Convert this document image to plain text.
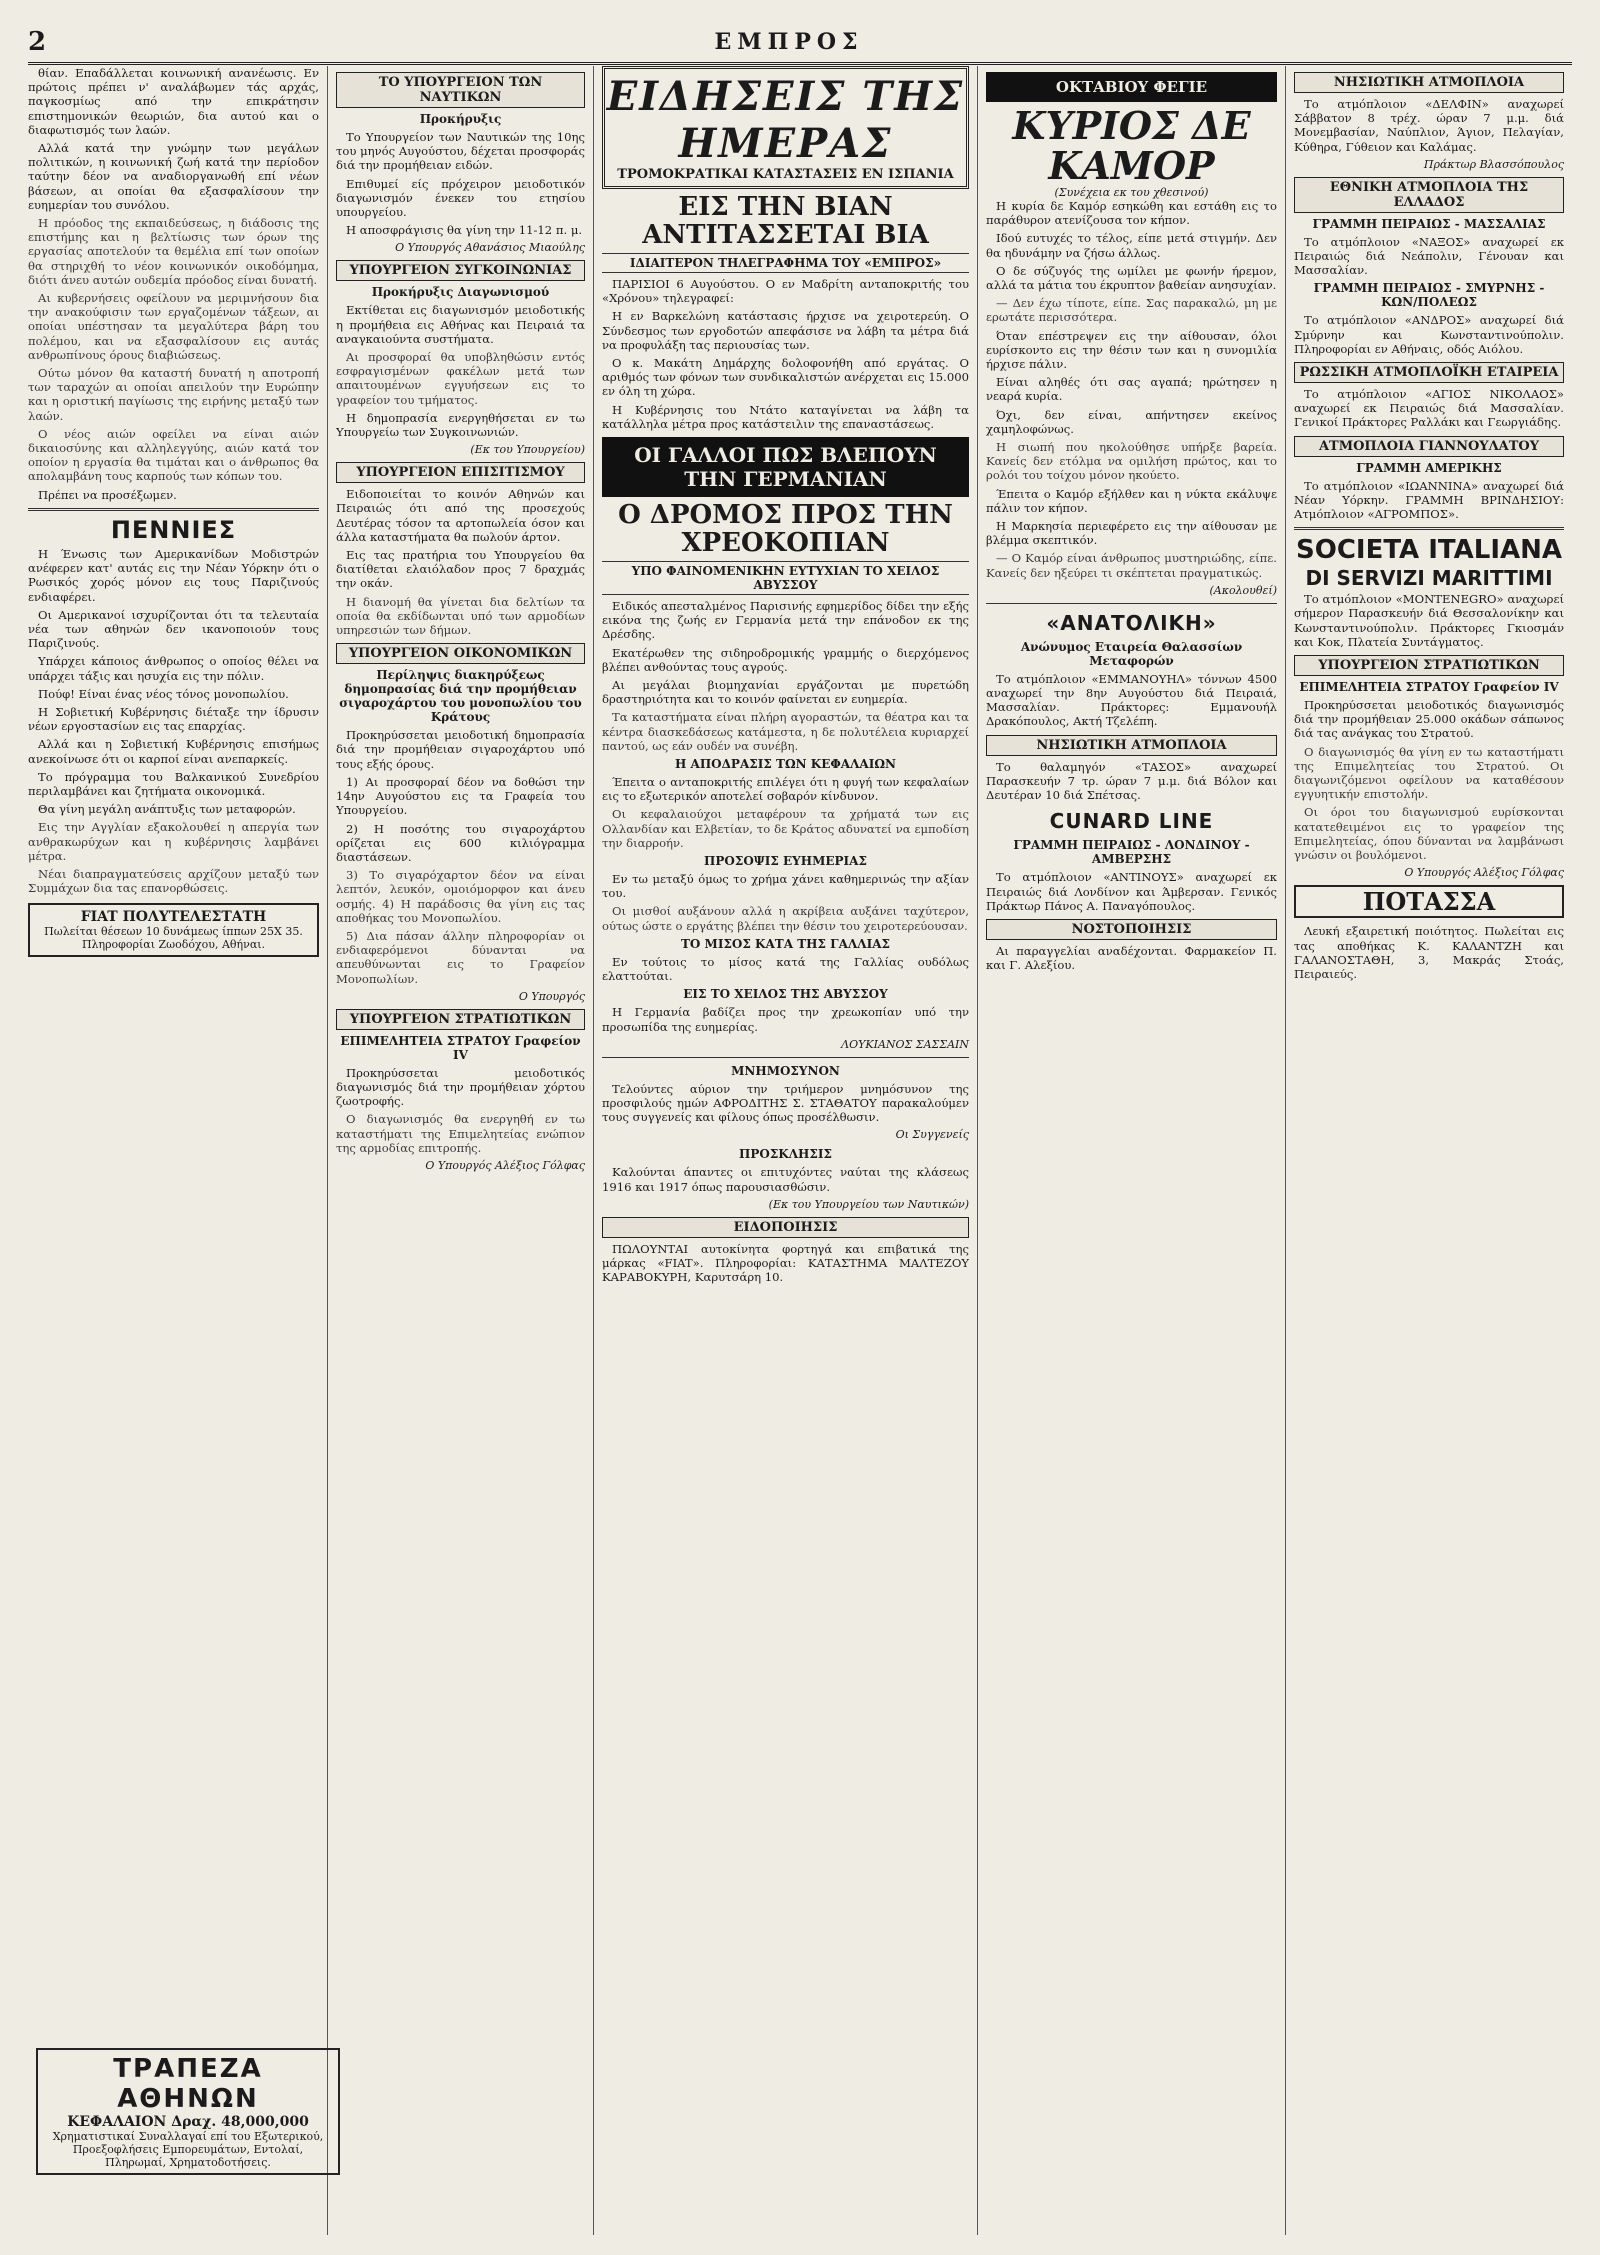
2	ΕΜΠΡΟΣ

θίαν. Επαδάλλεται κοινωνική ανανέωσις. Εν πρώτοις πρέπει ν' αναλάβωμεν τάς αρχάς, παγκοσμίως από την επικράτησιν επιστημονικών θεωριών, δια αυτού και ο διαφωτισμός των λαών.

Αλλά κατά την γνώμην των μεγάλων πολιτικών, η κοινωνική ζωή κατά την περίοδον ταύτην δέον να αναδιοργανωθή επί νέων βάσεων, αι οποίαι θα εξασφαλίσουν την ευημερίαν του συνόλου.

Η πρόοδος της εκπαιδεύσεως, η διάδοσις της επιστήμης και η βελτίωσις των όρων της εργασίας αποτελούν τα θεμέλια επί των οποίων θα στηριχθή το νέον κοινωνικόν οικοδόμημα, διότι άνευ αυτών ουδεμία πρόοδος είναι δυνατή.

Αι κυβερνήσεις οφείλουν να μεριμνήσουν δια την ανακούφισιν των εργαζομένων τάξεων, αι οποίαι υπέστησαν τα μεγαλύτερα βάρη του πολέμου, και να εξασφαλίσουν εις αυτάς ανθρωπίνους όρους διαβιώσεως.

Ούτω μόνον θα καταστή δυνατή η αποτροπή των ταραχών αι οποίαι απειλούν την Ευρώπην και η οριστική παγίωσις της ειρήνης μεταξύ των λαών.

Ο νέος αιών οφείλει να είναι αιών δικαιοσύνης και αλληλεγγύης, αιών κατά τον οποίον η εργασία θα τιμάται και ο άνθρωπος θα απολαμβάνη τους καρπούς των κόπων του.

Πρέπει να προσέξωμεν.

ΠΕΝΝΙΕΣ

Η Ένωσις των Αμερικανίδων Μοδιστρών ανέφερεν κατ' αυτάς εις την Νέαν Υόρκην ότι ο Ρωσικός χορός μόνον εις τους Παριζινούς ενδιαφέρει.

Οι Αμερικανοί ισχυρίζονται ότι τα τελευταία νέα των αθηνών δεν ικανοποιούν τους Παριζινούς.

Υπάρχει κάποιος άνθρωπος ο οποίος θέλει να υπάρχει τάξις και ησυχία εις την πόλιν.

Πούφ! Είναι ένας νέος τόνος μονοπωλίου.

Η Σοβιετική Κυβέρνησις διέταξε την ίδρυσιν νέων εργοστασίων εις τας επαρχίας.

Αλλά και η Σοβιετική Κυβέρνησις επισήμως ανεκοίνωσε ότι οι καρποί είναι ανεπαρκείς.

Το πρόγραμμα του Βαλκανικού Συνεδρίου περιλαμβάνει και ζητήματα οικονομικά.

Θα γίνη μεγάλη ανάπτυξις των μεταφορών.

Εις την Αγγλίαν εξακολουθεί η απεργία των ανθρακωρύχων και η κυβέρνησις λαμβάνει μέτρα.

Νέαι διαπραγματεύσεις αρχίζουν μεταξύ των Συμμάχων δια τας επανορθώσεις.

FIAT ΠΟΛΥΤΕΛΕΣΤΑΤΗ
Πωλείται θέσεων 10 δυνάμεως ίππων 25Χ 35. Πληροφορίαι Ζωοδόχου, Αθήναι.
ΤΟ ΥΠΟΥΡΓΕΙΟΝ ΤΩΝ ΝΑΥΤΙΚΩΝ
Προκήρυξις

Το Υπουργείον των Ναυτικών της 10ης του μηνός Αυγούστου, δέχεται προσφοράς διά την προμήθειαν ειδών.

Επιθυμεί είς πρόχειρον μειοδοτικόν διαγωνισμόν ένεκεν του ετησίου υπουργείου.

Η αποσφράγισις θα γίνη την 11-12 π. μ.

Ο Υπουργός Αθανάσιος Μιαούλης
ΥΠΟΥΡΓΕΙΟΝ ΣΥΓΚΟΙΝΩΝΙΑΣ
Προκήρυξις Διαγωνισμού

Εκτίθεται εις διαγωνισμόν μειοδοτικής η προμήθεια εις Αθήνας και Πειραιά τα αναγκαιούντα συστήματα.

Αι προσφοραί θα υποβληθώσιν εντός εσφραγισμένων φακέλων μετά των απαιτουμένων εγγυήσεων εις το γραφείον του τμήματος.

Η δημοπρασία ενεργηθήσεται εν τω Υπουργείω των Συγκοινωνιών.

(Εκ του Υπουργείου)
ΥΠΟΥΡΓΕΙΟΝ ΕΠΙΣΙΤΙΣΜΟΥ

Ειδοποιείται το κοινόν Αθηνών και Πειραιώς ότι από της προσεχούς Δευτέρας τόσον τα αρτοπωλεία όσον και άλλα καταστήματα θα πωλούν άρτον.

Εις τας πρατήρια του Υπουργείου θα διατίθεται ελαιόλαδον προς 7 δραχμάς την οκάν.

Η διανομή θα γίνεται δια δελτίων τα οποία θα εκδίδωνται υπό των αρμοδίων υπηρεσιών των δήμων.

ΥΠΟΥΡΓΕΙΟΝ ΟΙΚΟΝΟΜΙΚΩΝ
Περίληψις διακηρύξεως δημοπρασίας διά την προμήθειαν σιγαροχάρτου του μονοπωλίου του Κράτους

Προκηρύσσεται μειοδοτική δημοπρασία διά την προμήθειαν σιγαροχάρτου υπό τους εξής όρους.

1) Αι προσφοραί δέον να δοθώσι την 14ην Αυγούστου εις τα Γραφεία του Υπουργείου.

2) Η ποσότης του σιγαροχάρτου ορίζεται εις 600 κιλιόγραμμα διαστάσεων.

3) Το σιγαρόχαρτον δέον να είναι λεπτόν, λευκόν, ομοιόμορφον και άνευ οσμής. 4) Η παράδοσις θα γίνη εις τας αποθήκας του Μονοπωλίου.

5) Δια πάσαν άλλην πληροφορίαν οι ενδιαφερόμενοι δύνανται να απευθύνωνται εις το Γραφείον Μονοπωλίων.

Ο Υπουργός
ΥΠΟΥΡΓΕΙΟΝ ΣΤΡΑΤΙΩΤΙΚΩΝ
ΕΠΙΜΕΛΗΤΕΙΑ ΣΤΡΑΤΟΥ Γραφείον IV

Προκηρύσσεται μειοδοτικός διαγωνισμός διά την προμήθειαν χόρτου ζωοτροφής.

Ο διαγωνισμός θα ενεργηθή εν τω καταστήματι της Επιμελητείας ενώπιον της αρμοδίας επιτροπής.

Ο Υπουργός Αλέξιος Γόλφας
ΕΙΔΗΣΕΙΣ ΤΗΣ ΗΜΕΡΑΣ
ΤΡΟΜΟΚΡΑΤΙΚΑΙ ΚΑΤΑΣΤΑΣΕΙΣ ΕΝ ΙΣΠΑΝΙΑ
ΕΙΣ ΤΗΝ ΒΙΑΝ ΑΝΤΙΤΑΣΣΕΤΑΙ ΒΙΑ
ΙΔΙΑΙΤΕΡΟΝ ΤΗΛΕΓΡΑΦΗΜΑ ΤΟΥ «ΕΜΠΡΟΣ»

ΠΑΡΙΣΙΟΙ 6 Αυγούστου. Ο εν Μαδρίτη ανταποκριτής του «Χρόνου» τηλεγραφεί:

Η εν Βαρκελώνη κατάστασις ήρχισε να χειροτερεύη. Ο Σύνδεσμος των εργοδοτών απεφάσισε να λάβη τα μέτρα διά να προφυλάξη τας περιουσίας των.

Ο κ. Μακάτη Δημάρχης δολοφονήθη από εργάτας. Ο αριθμός των φόνων των συνδικαλιστών ανέρχεται εις 15.000 εν όλη τη χώρα.

Η Κυβέρνησις του Ντάτο καταγίνεται να λάβη τα κατάλληλα μέτρα προς κατάστειλιν της επαναστάσεως.

ΟΙ ΓΑΛΛΟΙ ΠΩΣ ΒΛΕΠΟΥΝ ΤΗΝ ΓΕΡΜΑΝΙΑΝ
Ο ΔΡΟΜΟΣ ΠΡΟΣ ΤΗΝ ΧΡΕΟΚΟΠΙΑΝ
ΥΠΟ ΦΑΙΝΟΜΕΝΙΚΗΝ ΕΥΤΥΧΙΑΝ ΤΟ ΧΕΙΛΟΣ ΑΒΥΣΣΟΥ

Ειδικός απεσταλμένος Παρισινής εφημερίδος δίδει την εξής εικόνα της ζωής εν Γερμανία μετά την επάνοδον εκ της Δρέσδης.

Εκατέρωθεν της σιδηροδρομικής γραμμής ο διερχόμενος βλέπει ανθούντας τους αγρούς.

Αι μεγάλαι βιομηχανίαι εργάζονται με πυρετώδη δραστηριότητα και το κοινόν φαίνεται εν ευημερία.

Τα καταστήματα είναι πλήρη αγοραστών, τα θέατρα και τα κέντρα διασκεδάσεως κατάμεστα, η δε πολυτέλεια κυριαρχεί παντού, ως εάν ουδέν να συνέβη.

Η ΑΠΟΔΡΑΣΙΣ ΤΩΝ ΚΕΦΑΛΑΙΩΝ

Έπειτα ο ανταποκριτής επιλέγει ότι η φυγή των κεφαλαίων εις το εξωτερικόν αποτελεί σοβαρόν κίνδυνον.

Οι κεφαλαιούχοι μεταφέρουν τα χρήματά των εις Ολλανδίαν και Ελβετίαν, το δε Κράτος αδυνατεί να εμποδίση την διαρροήν.

ΠΡΟΣΟΨΙΣ ΕΥΗΜΕΡΙΑΣ

Εν τω μεταξύ όμως το χρήμα χάνει καθημερινώς την αξίαν του.

Οι μισθοί αυξάνουν αλλά η ακρίβεια αυξάνει ταχύτερον, ούτως ώστε ο εργάτης βλέπει την θέσιν του χειροτερεύουσαν.

ΤΟ ΜΙΣΟΣ ΚΑΤΑ ΤΗΣ ΓΑΛΛΙΑΣ

Εν τούτοις το μίσος κατά της Γαλλίας ουδόλως ελαττούται.

ΕΙΣ ΤΟ ΧΕΙΛΟΣ ΤΗΣ ΑΒΥΣΣΟΥ

Η Γερμανία βαδίζει προς την χρεωκοπίαν υπό την προσωπίδα της ευημερίας.

ΛΟΥΚΙΑΝΟΣ ΣΑΣΣΑΙΝ
ΜΝΗΜΟΣΥΝΟΝ

Τελούντες αύριον την τριήμερον μνημόσυνον της προσφιλούς ημών ΑΦΡΟΔΙΤΗΣ Σ. ΣΤΑΘΑΤΟΥ παρακαλούμεν τους συγγενείς και φίλους όπως προσέλθωσιν.

Οι Συγγενείς
ΠΡΟΣΚΛΗΣΙΣ

Καλούνται άπαντες οι επιτυχόντες ναύται της κλάσεως 1916 και 1917 όπως παρουσιασθώσιν.

(Εκ του Υπουργείου των Ναυτικών)
ΕΙΔΟΠΟΙΗΣΙΣ

ΠΩΛΟΥΝΤΑΙ αυτοκίνητα φορτηγά και επιβατικά της μάρκας «FIAT». Πληροφορίαι: ΚΑΤΑΣΤΗΜΑ ΜΑΛΤΕΖΟΥ ΚΑΡΑΒΟΚΥΡΗ, Καρυτσάρη 10.

ΟΚΤΑΒΙΟΥ ΦΕΓΙΕ
ΚΥΡΙΟΣ ΔΕ ΚΑΜΟΡ
(Συνέχεια εκ του χθεσινού)

Η κυρία δε Καμόρ εσηκώθη και εστάθη εις το παράθυρον ατενίζουσα τον κήπον.

Ιδού ευτυχές το τέλος, είπε μετά στιγμήν. Δεν θα ηδυνάμην να ζήσω άλλως.

Ο δε σύζυγός της ωμίλει με φωνήν ήρεμον, αλλά τα μάτια του έκρυπτον βαθείαν ανησυχίαν.

— Δεν έχω τίποτε, είπε. Σας παρακαλώ, μη με ερωτάτε περισσότερα.

Όταν επέστρεψεν εις την αίθουσαν, όλοι ευρίσκοντο εις την θέσιν των και η συνομιλία ήρχισε πάλιν.

Είναι αληθές ότι σας αγαπά; ηρώτησεν η νεαρά κυρία.

Όχι, δεν είναι, απήντησεν εκείνος χαμηλοφώνως.

Η σιωπή που ηκολούθησε υπήρξε βαρεία. Κανείς δεν ετόλμα να ομιλήση πρώτος, και το ρολόι του τοίχου μόνον ηκούετο.

Έπειτα ο Καμόρ εξήλθεν και η νύκτα εκάλυψε πάλιν τον κήπον.

Η Μαρκησία περιεφέρετο εις την αίθουσαν με βλέμμα σκεπτικόν.

— Ο Καμόρ είναι άνθρωπος μυστηριώδης, είπε. Κανείς δεν ηξεύρει τι σκέπτεται πραγματικώς.

(Ακολουθεί)
«ΑΝΑΤΟΛΙΚΗ»
Ανώνυμος Εταιρεία Θαλασσίων Μεταφορών

Το ατμόπλοιον «ΕΜΜΑΝΟΥΗΛ» τόννων 4500 αναχωρεί την 8ην Αυγούστου διά Πειραιά, Μασσαλίαν. Πράκτορες: Εμμανουήλ Δρακόπουλος, Ακτή Τζελέπη.

ΝΗΣΙΩΤΙΚΗ ΑΤΜΟΠΛΟΙΑ

Το θαλαμηγόν «ΤΑΣΟΣ» αναχωρεί Παρασκευήν 7 τρ. ώραν 7 μ.μ. διά Βόλον και Δευτέραν 10 διά Σπέτσας.

CUNARD LINE
ΓΡΑΜΜΗ ΠΕΙΡΑΙΩΣ - ΛΟΝΔΙΝΟΥ - ΑΜΒΕΡΣΗΣ

Το ατμόπλοιον «ΑΝΤΙΝΟΥΣ» αναχωρεί εκ Πειραιώς διά Λονδίνον και Άμβερσαν. Γενικός Πράκτωρ Πάνος Α. Παναγόπουλος.

ΝΟΣΤΟΠΟΙΗΣΙΣ

Αι παραγγελίαι αναδέχονται. Φαρμακείον Π. και Γ. Αλεξίου.

ΝΗΣΙΩΤΙΚΗ ΑΤΜΟΠΛΟΙΑ

Το ατμόπλοιον «ΔΕΛΦΙΝ» αναχωρεί Σάββατον 8 τρέχ. ώραν 7 μ.μ. διά Μονεμβασίαν, Ναύπλιον, Άγιον, Πελαγίαν, Κύθηρα, Γύθειον και Καλάμας.

Πράκτωρ Βλασσόπουλος
ΕΘΝΙΚΗ ΑΤΜΟΠΛΟΙΑ ΤΗΣ ΕΛΛΑΔΟΣ
ΓΡΑΜΜΗ ΠΕΙΡΑΙΩΣ - ΜΑΣΣΑΛΙΑΣ

Το ατμόπλοιον «ΝΑΞΟΣ» αναχωρεί εκ Πειραιώς διά Νεάπολιν, Γένουαν και Μασσαλίαν.

ΓΡΑΜΜΗ ΠΕΙΡΑΙΩΣ - ΣΜΥΡΝΗΣ - ΚΩΝ/ΠΟΛΕΩΣ

Το ατμόπλοιον «ΑΝΔΡΟΣ» αναχωρεί διά Σμύρνην και Κωνσταντινούπολιν. Πληροφορίαι εν Αθήναις, οδός Αιόλου.

ΡΩΣΣΙΚΗ ΑΤΜΟΠΛΟΪΚΗ ΕΤΑΙΡΕΙΑ

Το ατμόπλοιον «ΑΓΙΟΣ ΝΙΚΟΛΑΟΣ» αναχωρεί εκ Πειραιώς διά Μασσαλίαν. Γενικοί Πράκτορες Ραλλάκι και Γεωργιάδης.

ΑΤΜΟΠΛΟΙΑ ΓΙΑΝΝΟΥΛΑΤΟΥ
ΓΡΑΜΜΗ ΑΜΕΡΙΚΗΣ

Το ατμόπλοιον «ΙΩΑΝΝΙΝΑ» αναχωρεί διά Νέαν Υόρκην. ΓΡΑΜΜΗ ΒΡΙΝΔΗΣΙΟΥ: Ατμόπλοιον «ΑΓΡΟΜΠΟΣ».

SOCIETA ITALIANA
DI SERVIZI MARITTIMI

Το ατμόπλοιον «MONTENEGRO» αναχωρεί σήμερον Παρασκευήν διά Θεσσαλονίκην και Κωνσταντινούπολιν. Πράκτορες Γκιοσμάν και Κοκ, Πλατεία Συντάγματος.

ΥΠΟΥΡΓΕΙΟΝ ΣΤΡΑΤΙΩΤΙΚΩΝ
ΕΠΙΜΕΛΗΤΕΙΑ ΣΤΡΑΤΟΥ Γραφείον IV

Προκηρύσσεται μειοδοτικός διαγωνισμός διά την προμήθειαν 25.000 οκάδων σάπωνος διά τας ανάγκας του Στρατού.

Ο διαγωνισμός θα γίνη εν τω καταστήματι της Επιμελητείας του Στρατού. Οι διαγωνιζόμενοι οφείλουν να καταθέσουν εγγυητικήν επιστολήν.

Οι όροι του διαγωνισμού ευρίσκονται κατατεθειμένοι εις το γραφείον της Επιμελητείας, όπου δύνανται να λαμβάνωσι γνώσιν οι βουλόμενοι.

Ο Υπουργός Αλέξιος Γόλφας
ΠΟΤΑΣΣΑ

Λευκή εξαιρετική ποιότητος. Πωλείται εις τας αποθήκας Κ. ΚΑΛΑΝΤΖΗ και ΓΑΛΑΝΟΣΤΑΘΗ, 3, Μακράς Στοάς, Πειραιεύς.

ΤΡΑΠΕΖΑ ΑΘΗΝΩΝ
ΚΕΦΑΛΑΙΟΝ Δραχ. 48,000,000
Χρηματιστικαί Συναλλαγαί επί του Εξωτερικού, Προεξοφλήσεις Εμπορευμάτων, Εντολαί, Πληρωμαί, Χρηματοδοτήσεις.
